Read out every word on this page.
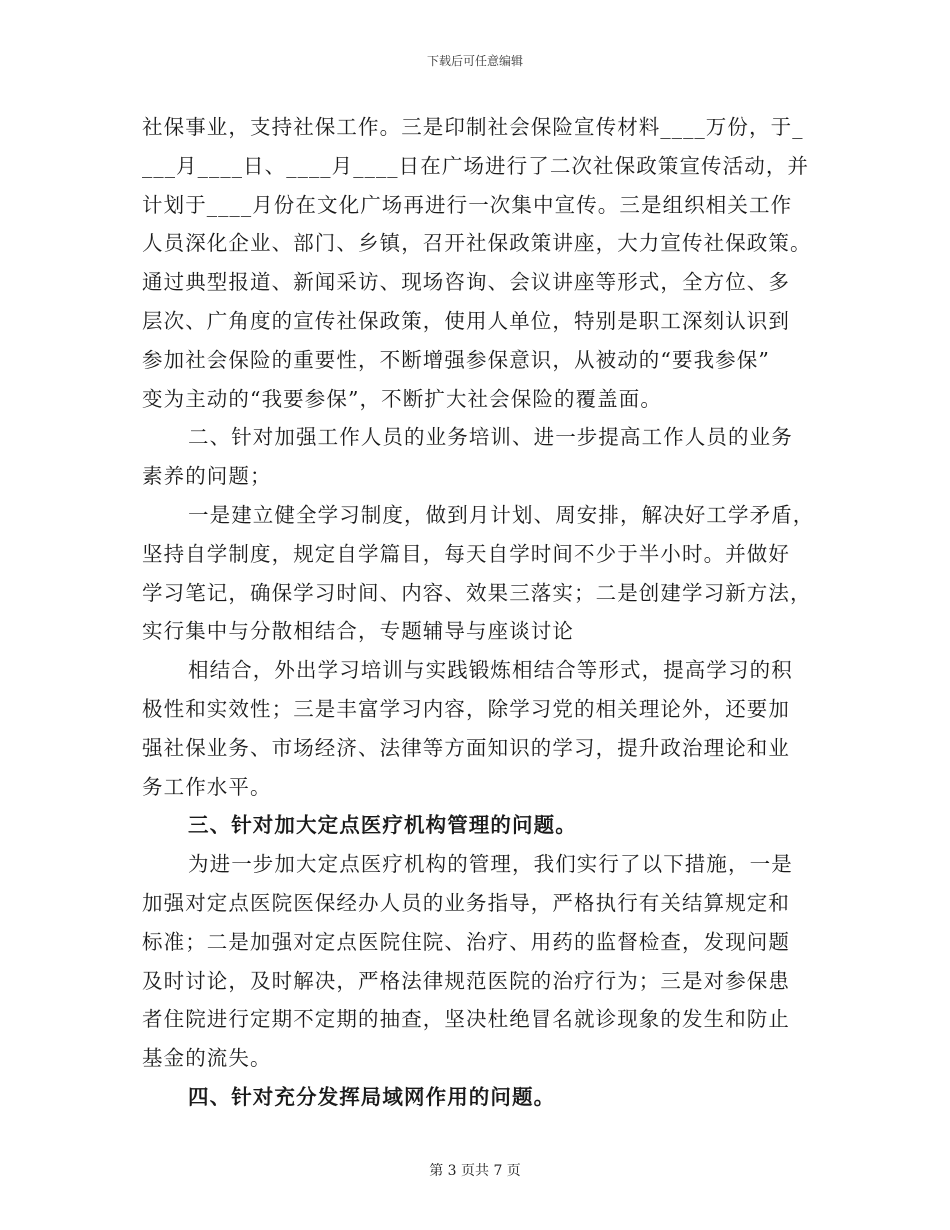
下载后可任意编辑
社保事业，支持社保工作。三是印制社会保险宣传材料____万份，于_
___月____日、____月____日在广场进行了二次社保政策宣传活动，并
计划于____月份在文化广场再进行一次集中宣传。三是组织相关工作
人员深化企业、部门、乡镇，召开社保政策讲座，大力宣传社保政策。
通过典型报道、新闻采访、现场咨询、会议讲座等形式，全方位、多
层次、广角度的宣传社保政策，使用人单位，特别是职工深刻认识到
参加社会保险的重要性，不断增强参保意识，从被动的“要我参保”
变为主动的“我要参保”，不断扩大社会保险的覆盖面。
二、针对加强工作人员的业务培训、进一步提高工作人员的业务
素养的问题；
一是建立健全学习制度，做到月计划、周安排，解决好工学矛盾，
坚持自学制度，规定自学篇目，每天自学时间不少于半小时。并做好
学习笔记，确保学习时间、内容、效果三落实；二是创建学习新方法，
实行集中与分散相结合，专题辅导与座谈讨论
相结合，外出学习培训与实践锻炼相结合等形式，提高学习的积
极性和实效性；三是丰富学习内容，除学习党的相关理论外，还要加
强社保业务、市场经济、法律等方面知识的学习，提升政治理论和业
务工作水平。
三、针对加大定点医疗机构管理的问题。
为进一步加大定点医疗机构的管理，我们实行了以下措施，一是
加强对定点医院医保经办人员的业务指导，严格执行有关结算规定和
标准；二是加强对定点医院住院、治疗、用药的监督检查，发现问题
及时讨论，及时解决，严格法律规范医院的治疗行为；三是对参保患
者住院进行定期不定期的抽查，坚决杜绝冒名就诊现象的发生和防止
基金的流失。
四、针对充分发挥局域网作用的问题。
第 3 页共 7 页
